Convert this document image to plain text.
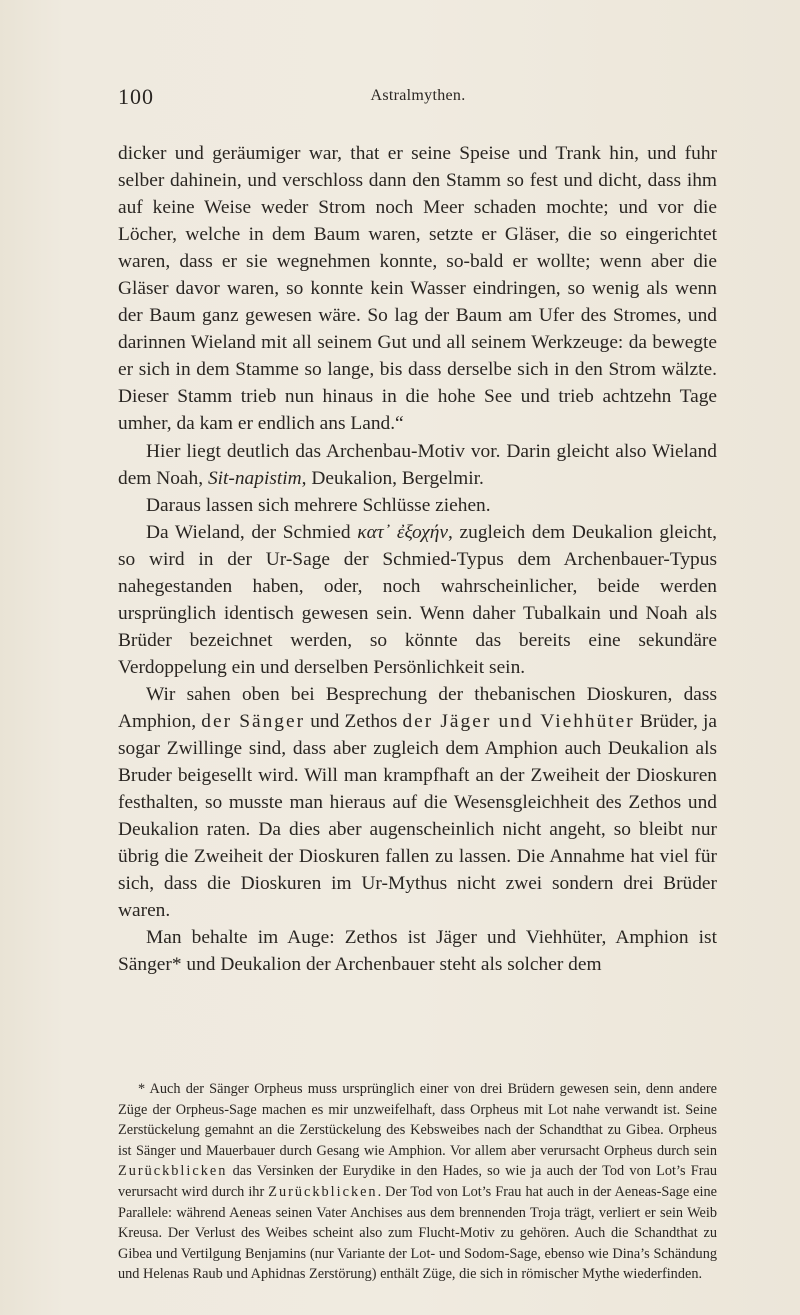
100	Astralmythen.

dicker und geräumiger war, that er seine Speise und Trank hin, und fuhr selber dahinein, und verschloss dann den Stamm so fest und dicht, dass ihm auf keine Weise weder Strom noch Meer schaden mochte; und vor die Löcher, welche in dem Baum waren, setzte er Gläser, die so eingerichtet waren, dass er sie wegnehmen konnte, so-bald er wollte; wenn aber die Gläser davor waren, so konnte kein Wasser eindringen, so wenig als wenn der Baum ganz gewesen wäre. So lag der Baum am Ufer des Stromes, und darinnen Wieland mit all seinem Gut und all seinem Werkzeuge: da bewegte er sich in dem Stamme so lange, bis dass derselbe sich in den Strom wälzte. Dieser Stamm trieb nun hinaus in die hohe See und trieb achtzehn Tage umher, da kam er endlich ans Land.“

Hier liegt deutlich das Archenbau-Motiv vor. Darin gleicht also Wieland dem Noah, Sit-napistim, Deukalion, Bergelmir.

Daraus lassen sich mehrere Schlüsse ziehen.

Da Wieland, der Schmied κατ᾽ ἐξοχήν, zugleich dem Deukalion gleicht, so wird in der Ur-Sage der Schmied-Typus dem Archenbauer-Typus nahegestanden haben, oder, noch wahrscheinlicher, beide werden ursprünglich identisch gewesen sein. Wenn daher Tubalkain und Noah als Brüder bezeichnet werden, so könnte das bereits eine sekundäre Verdoppelung ein und derselben Persönlichkeit sein.

Wir sahen oben bei Besprechung der thebanischen Dioskuren, dass Amphion, der Sänger und Zethos der Jäger und Viehhüter Brüder, ja sogar Zwillinge sind, dass aber zugleich dem Amphion auch Deukalion als Bruder beigesellt wird. Will man krampfhaft an der Zweiheit der Dioskuren festhalten, so musste man hieraus auf die Wesensgleichheit des Zethos und Deukalion raten. Da dies aber augenscheinlich nicht angeht, so bleibt nur übrig die Zweiheit der Dioskuren fallen zu lassen. Die Annahme hat viel für sich, dass die Dioskuren im Ur-Mythus nicht zwei sondern drei Brüder waren.

Man behalte im Auge: Zethos ist Jäger und Viehhüter, Amphion ist Sänger* und Deukalion der Archenbauer steht als solcher dem

* Auch der Sänger Orpheus muss ursprünglich einer von drei Brüdern gewesen sein, denn andere Züge der Orpheus-Sage machen es mir unzweifelhaft, dass Orpheus mit Lot nahe verwandt ist. Seine Zerstückelung gemahnt an die Zerstückelung des Kebsweibes nach der Schandthat zu Gibea. Orpheus ist Sänger und Mauerbauer durch Gesang wie Amphion. Vor allem aber verursacht Orpheus durch sein Zurückblicken das Versinken der Eurydike in den Hades, so wie ja auch der Tod von Lot’s Frau verursacht wird durch ihr Zurückblicken. Der Tod von Lot’s Frau hat auch in der Aeneas-Sage eine Parallele: während Aeneas seinen Vater Anchises aus dem brennenden Troja trägt, verliert er sein Weib Kreusa. Der Verlust des Weibes scheint also zum Flucht-Motiv zu gehören. Auch die Schandthat zu Gibea und Vertilgung Benjamins (nur Variante der Lot- und Sodom-Sage, ebenso wie Dina’s Schändung und Helenas Raub und Aphidnas Zerstörung) enthält Züge, die sich in römischer Mythe wiederfinden.
